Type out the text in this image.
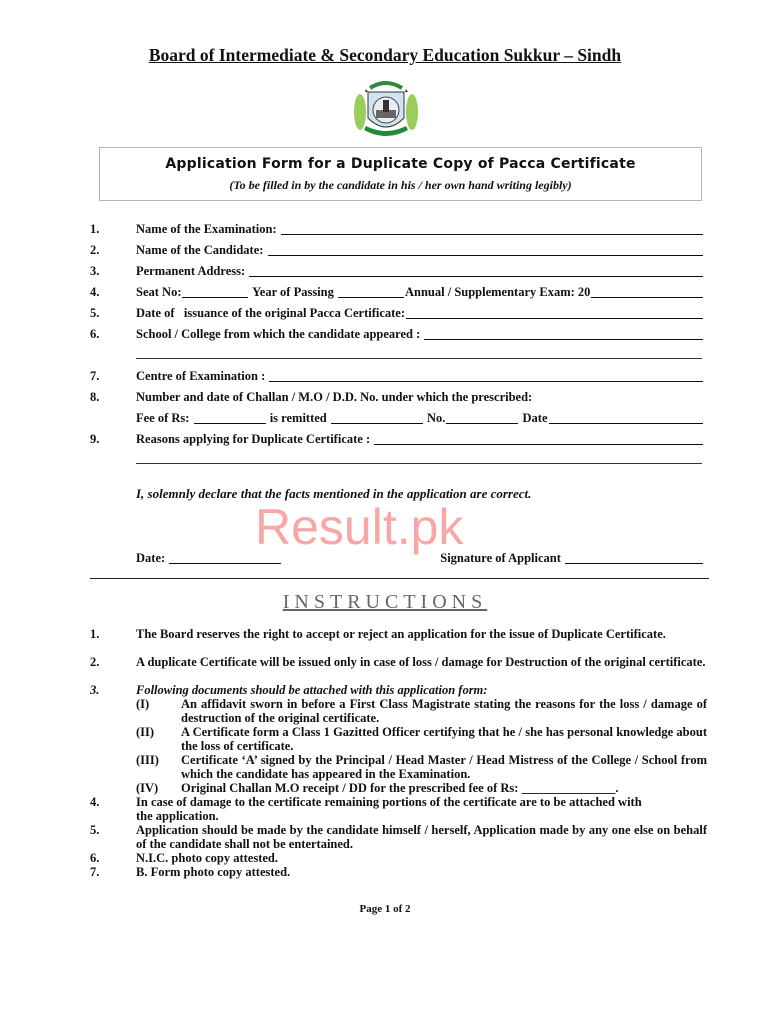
Board of Intermediate & Secondary Education Sukkur – Sindh
Application Form for a Duplicate Copy of Pacca Certificate
(To be filled in by the candidate in his / her own hand writing legibly)
1.	Name of the Examination:
2.	Name of the Candidate:
3.	Permanent Address:
4.	Seat No:	Year of Passing	Annual / Supplementary Exam: 20
5.	Date of   issuance of the original Pacca Certificate:
6.	School / College from which the candidate appeared :
7.	Centre of Examination :
8.	Number and date of Challan / M.O / D.D. No. under which the prescribed:
Fee of Rs:	is remitted	No.	Date
9.	Reasons applying for Duplicate Certificate :
I, solemnly declare that the facts mentioned in the application are correct.
Result.pk
Date:	Signature of Applicant
INSTRUCTIONS
1.	The Board reserves the right to accept or reject an application for the issue of Duplicate Certificate.
2.	A duplicate Certificate will be issued only in case of loss / damage for Destruction of the original certificate.
3.	Following documents should be attached with this application form:
(I)	An affidavit sworn in before a First Class Magistrate stating the reasons for the loss / damage of destruction of the original certificate.
(II) A Certificate form a Class 1 Gazitted Officer certifying that he / she has personal knowledge about the loss of certificate.
(III) Certificate ‘A’ signed by the Principal / Head Master / Head Mistress of the College / School from which the candidate has appeared in the Examination.
(IV) Original Challan M.O receipt / DD for the prescribed fee of Rs: _______________.
4.	In case of damage to the certificate remaining portions of the certificate are to be attached with the application.
5.	Application should be made by the candidate himself / herself, Application made by any one else on behalf of the candidate shall not be entertained.
6.	N.I.C. photo copy attested.
7.	B. Form photo copy attested.
Page 1 of 2
